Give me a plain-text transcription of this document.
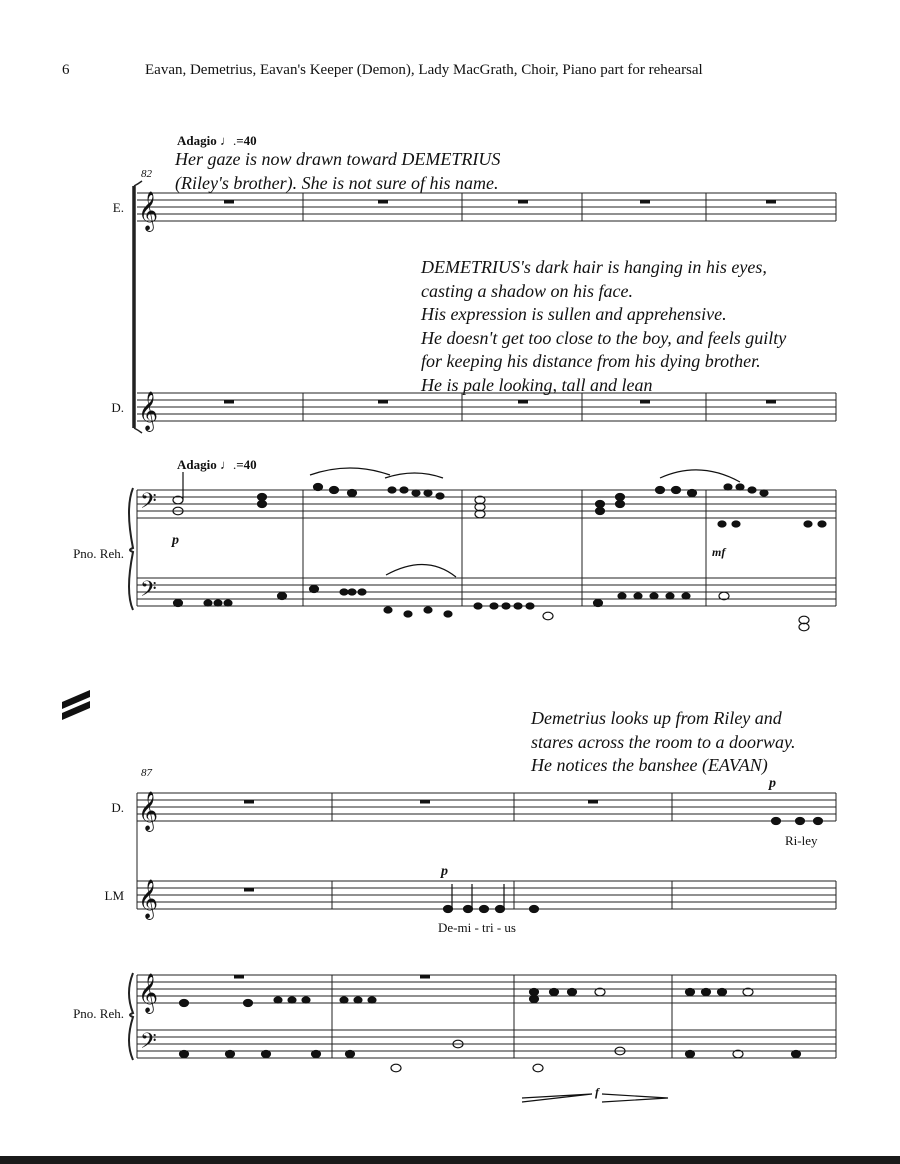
6	Eavan, Demetrius, Eavan's Keeper (Demon), Lady MacGrath, Choir, Piano part for rehearsal
Adagio ♩.=40
Her gaze is now drawn toward DEMETRIUS
(Riley's brother). She is not sure of his name.
82
E.
DEMETRIUS's dark hair is hanging in his eyes,
casting a shadow on his face.
His expression is sullen and apprehensive.
He doesn't get too close to the boy, and feels guilty
for keeping his distance from his dying brother.
He is pale looking, tall and lean
D.
Adagio ♩.=40
Pno. Reh.
p
mf
Demetrius looks up from Riley and
stares across the room to a doorway.
He notices the banshee (EAVAN)
87
D.
LM
Pno. Reh.
p
p
f
De-mi - tri - us
Ri-ley
𝄞
𝄞
𝄢
𝄢
𝄞
𝄞
𝄞
𝄢
